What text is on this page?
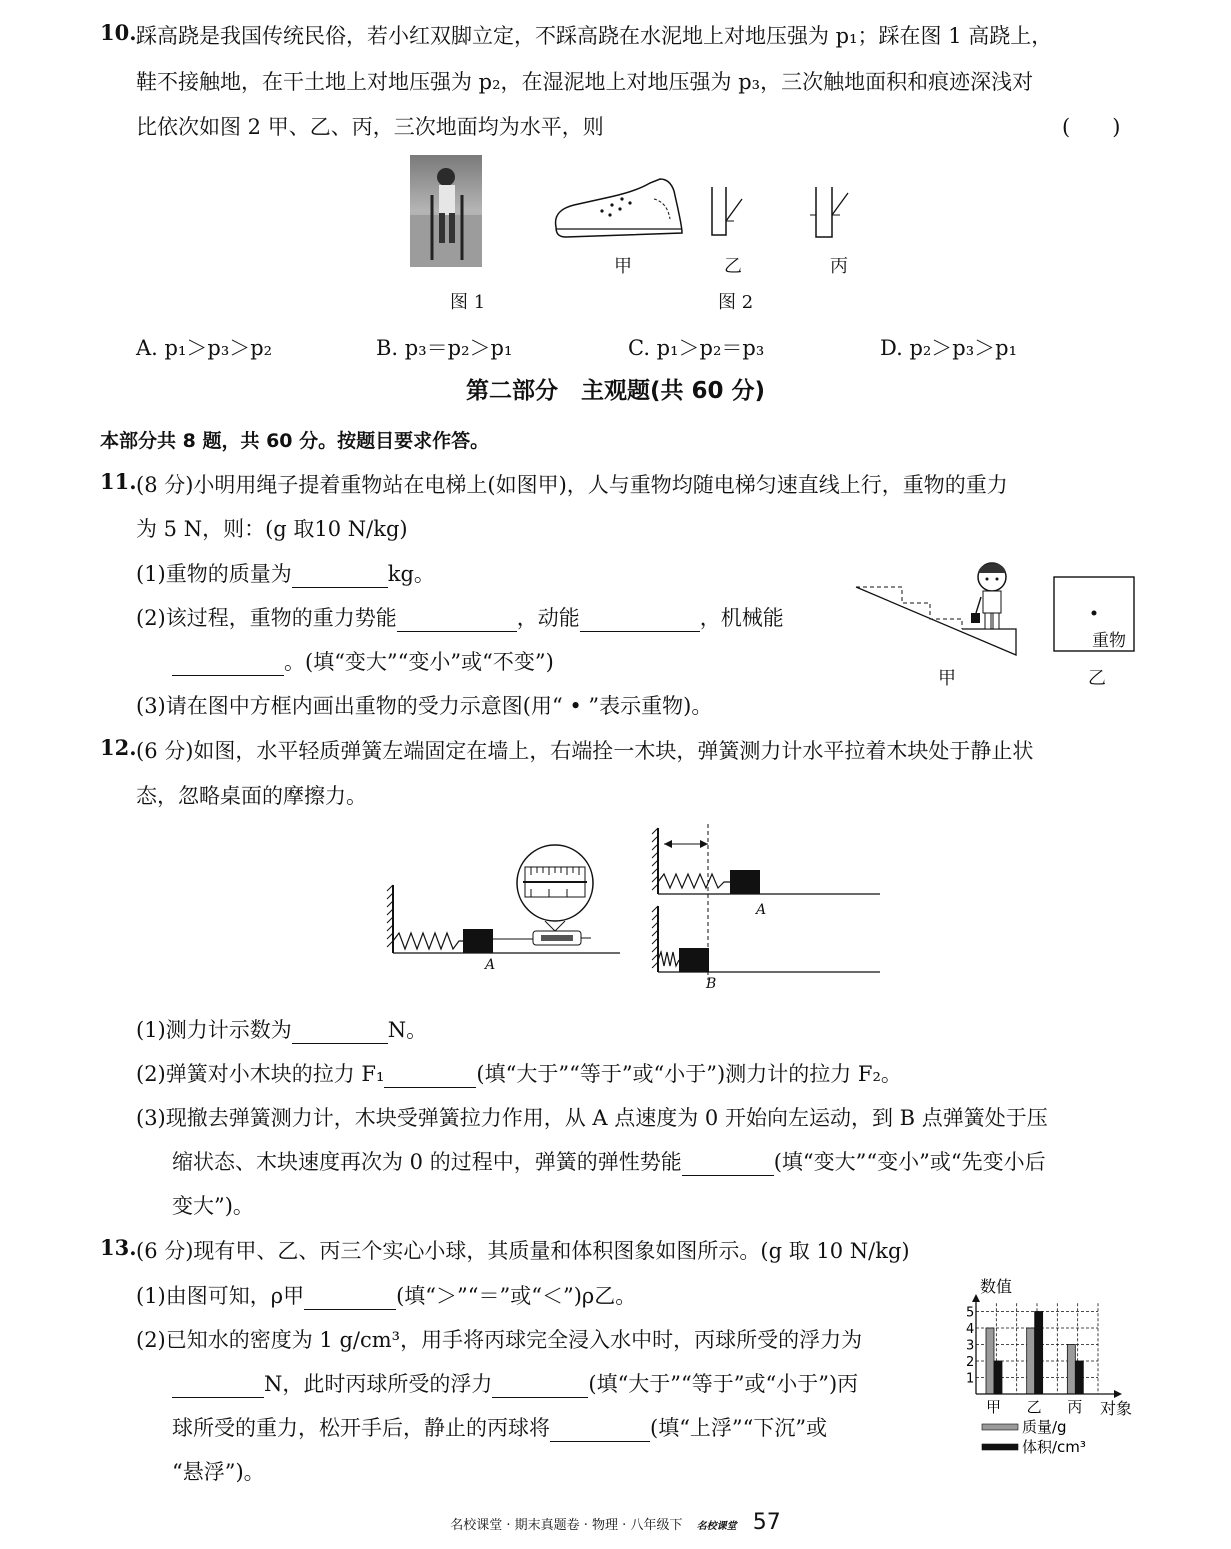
10. 踩高跷是我国传统民俗，若小红双脚立定，不踩高跷在水泥地上对地压强为 p₁；踩在图 1 高跷上，
鞋不接触地，在干土地上对地压强为 p₂，在湿泥地上对地压强为 p₃，三次触地面积和痕迹深浅对
比依次如图 2 甲、乙、丙，三次地面均为水平，则	(　　)
图 1
甲	乙	丙
图 2
A. p₁＞p₃＞p₂	B. p₃＝p₂＞p₁	C. p₁＞p₂＝p₃	D. p₂＞p₃＞p₁
第二部分　主观题(共 60 分)
本部分共 8 题，共 60 分。按题目要求作答。
11. (8 分)小明用绳子提着重物站在电梯上(如图甲)，人与重物均随电梯匀速直线上行，重物的重力
为 5 N，则：(g 取10 N/kg)
(1)重物的质量为	kg。
(2)该过程，重物的重力势能	，动能	，机械能
。(填“变大”“变小”或“不变”)
(3)请在图中方框内画出重物的受力示意图(用“ • ”表示重物)。
重物
甲	乙
12. (6 分)如图，水平轻质弹簧左端固定在墙上，右端拴一木块，弹簧测力计水平拉着木块处于静止状
态，忽略桌面的摩擦力。
A
A
B
(1)测力计示数为	N。
(2)弹簧对小木块的拉力 F₁	(填“大于”“等于”或“小于”)测力计的拉力 F₂。
(3)现撤去弹簧测力计，木块受弹簧拉力作用，从 A 点速度为 0 开始向左运动，到 B 点弹簧处于压
缩状态、木块速度再次为 0 的过程中，弹簧的弹性势能	(填“变大”“变小”或“先变小后
变大”)。
13. (6 分)现有甲、乙、丙三个实心小球，其质量和体积图象如图所示。(g 取 10 N/kg)
(1)由图可知，ρ甲	(填“＞”“＝”或“＜”)ρ乙。
(2)已知水的密度为 1 g/cm³，用手将丙球完全浸入水中时，丙球所受的浮力为
N，此时丙球所受的浮力	(填“大于”“等于”或“小于”)丙
球所受的重力，松开手后，静止的丙球将	(填“上浮”“下沉”或
“悬浮”)。
数值
对象
1
2
3
4
5
甲 乙 丙
质量/g
体积/cm³
名校课堂 · 期末真题卷 · 物理 · 八年级下 名校课堂 57
